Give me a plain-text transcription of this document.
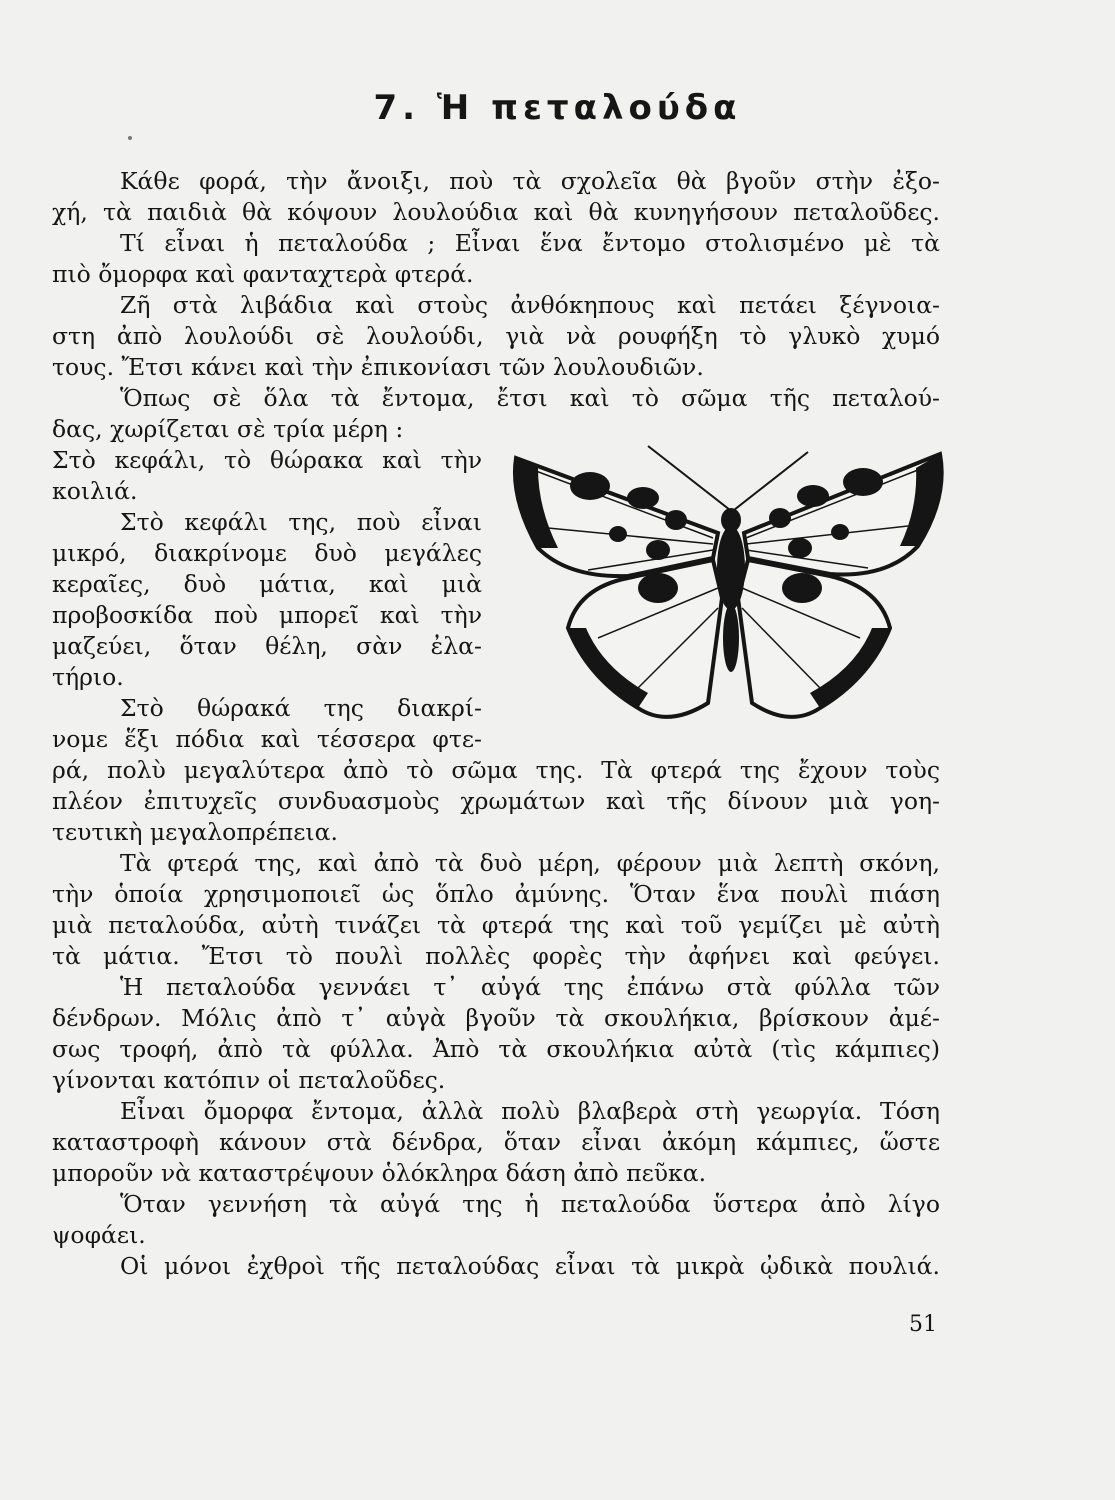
7. Ἡ πεταλούδα
Κάθε φορά, τὴν ἄνοιξι, ποὺ τὰ σχολεῖα θὰ βγοῦν στὴν ἐξο-
χή, τὰ παιδιὰ θὰ κόψουν λουλούδια καὶ θὰ κυνηγήσουν πεταλοῦδες.
Τί εἶναι ἡ πεταλούδα ; Εἶναι ἕνα ἔντομο στολισμένο μὲ τὰ
πιὸ ὄμορφα καὶ φανταχτερὰ φτερά.
Ζῆ στὰ λιβάδια καὶ στοὺς ἀνθόκηπους καὶ πετάει ξέγνοια-
στη ἀπὸ λουλούδι σὲ λουλούδι, γιὰ νὰ ρουφήξη τὸ γλυκὸ χυμό
τους. Ἔτσι κάνει καὶ τὴν ἐπικονίασι τῶν λουλουδιῶν.
Ὅπως σὲ ὅλα τὰ ἔντομα, ἔτσι καὶ τὸ σῶμα τῆς πεταλού-
δας, χωρίζεται σὲ τρία μέρη :
Στὸ κεφάλι, τὸ θώρακα καὶ τὴν
κοιλιά.
Στὸ κεφάλι της, ποὺ εἶναι
μικρό, διακρίνομε δυὸ μεγάλες
κεραῖες, δυὸ μάτια, καὶ μιὰ
προβοσκίδα ποὺ μπορεῖ καὶ τὴν
μαζεύει, ὅταν θέλη, σὰν ἐλα-
τήριο.
Στὸ θώρακά της διακρί-
νομε ἕξι πόδια καὶ τέσσερα φτε-
ρά, πολὺ μεγαλύτερα ἀπὸ τὸ σῶμα της. Τὰ φτερά της ἔχουν τοὺς
πλέον ἐπιτυχεῖς συνδυασμοὺς χρωμάτων καὶ τῆς δίνουν μιὰ γοη-
τευτικὴ μεγαλοπρέπεια.
Τὰ φτερά της, καὶ ἀπὸ τὰ δυὸ μέρη, φέρουν μιὰ λεπτὴ σκόνη,
τὴν ὁποία χρησιμοποιεῖ ὡς ὅπλο ἀμύνης. Ὅταν ἕνα πουλὶ πιάση
μιὰ πεταλούδα, αὐτὴ τινάζει τὰ φτερά της καὶ τοῦ γεμίζει μὲ αὐτὴ
τὰ μάτια. Ἔτσι τὸ πουλὶ πολλὲς φορὲς τὴν ἀφήνει καὶ φεύγει.
Ἡ πεταλούδα γεννάει τ᾿ αὐγά της ἐπάνω στὰ φύλλα τῶν
δένδρων. Μόλις ἀπὸ τ᾿ αὐγὰ βγοῦν τὰ σκουλήκια, βρίσκουν ἀμέ-
σως τροφή, ἀπὸ τὰ φύλλα. Ἀπὸ τὰ σκουλήκια αὐτὰ (τὶς κάμπιες)
γίνονται κατόπιν οἱ πεταλοῦδες.
Εἶναι ὄμορφα ἔντομα, ἀλλὰ πολὺ βλαβερὰ στὴ γεωργία. Τόση
καταστροφὴ κάνουν στὰ δένδρα, ὅταν εἶναι ἀκόμη κάμπιες, ὥστε
μποροῦν νὰ καταστρέψουν ὁλόκληρα δάση ἀπὸ πεῦκα.
Ὅταν γεννήση τὰ αὐγά της ἡ πεταλούδα ὕστερα ἀπὸ λίγο
ψοφάει.
Οἱ μόνοι ἐχθροὶ τῆς πεταλούδας εἶναι τὰ μικρὰ ᾠδικὰ πουλιά.
51
